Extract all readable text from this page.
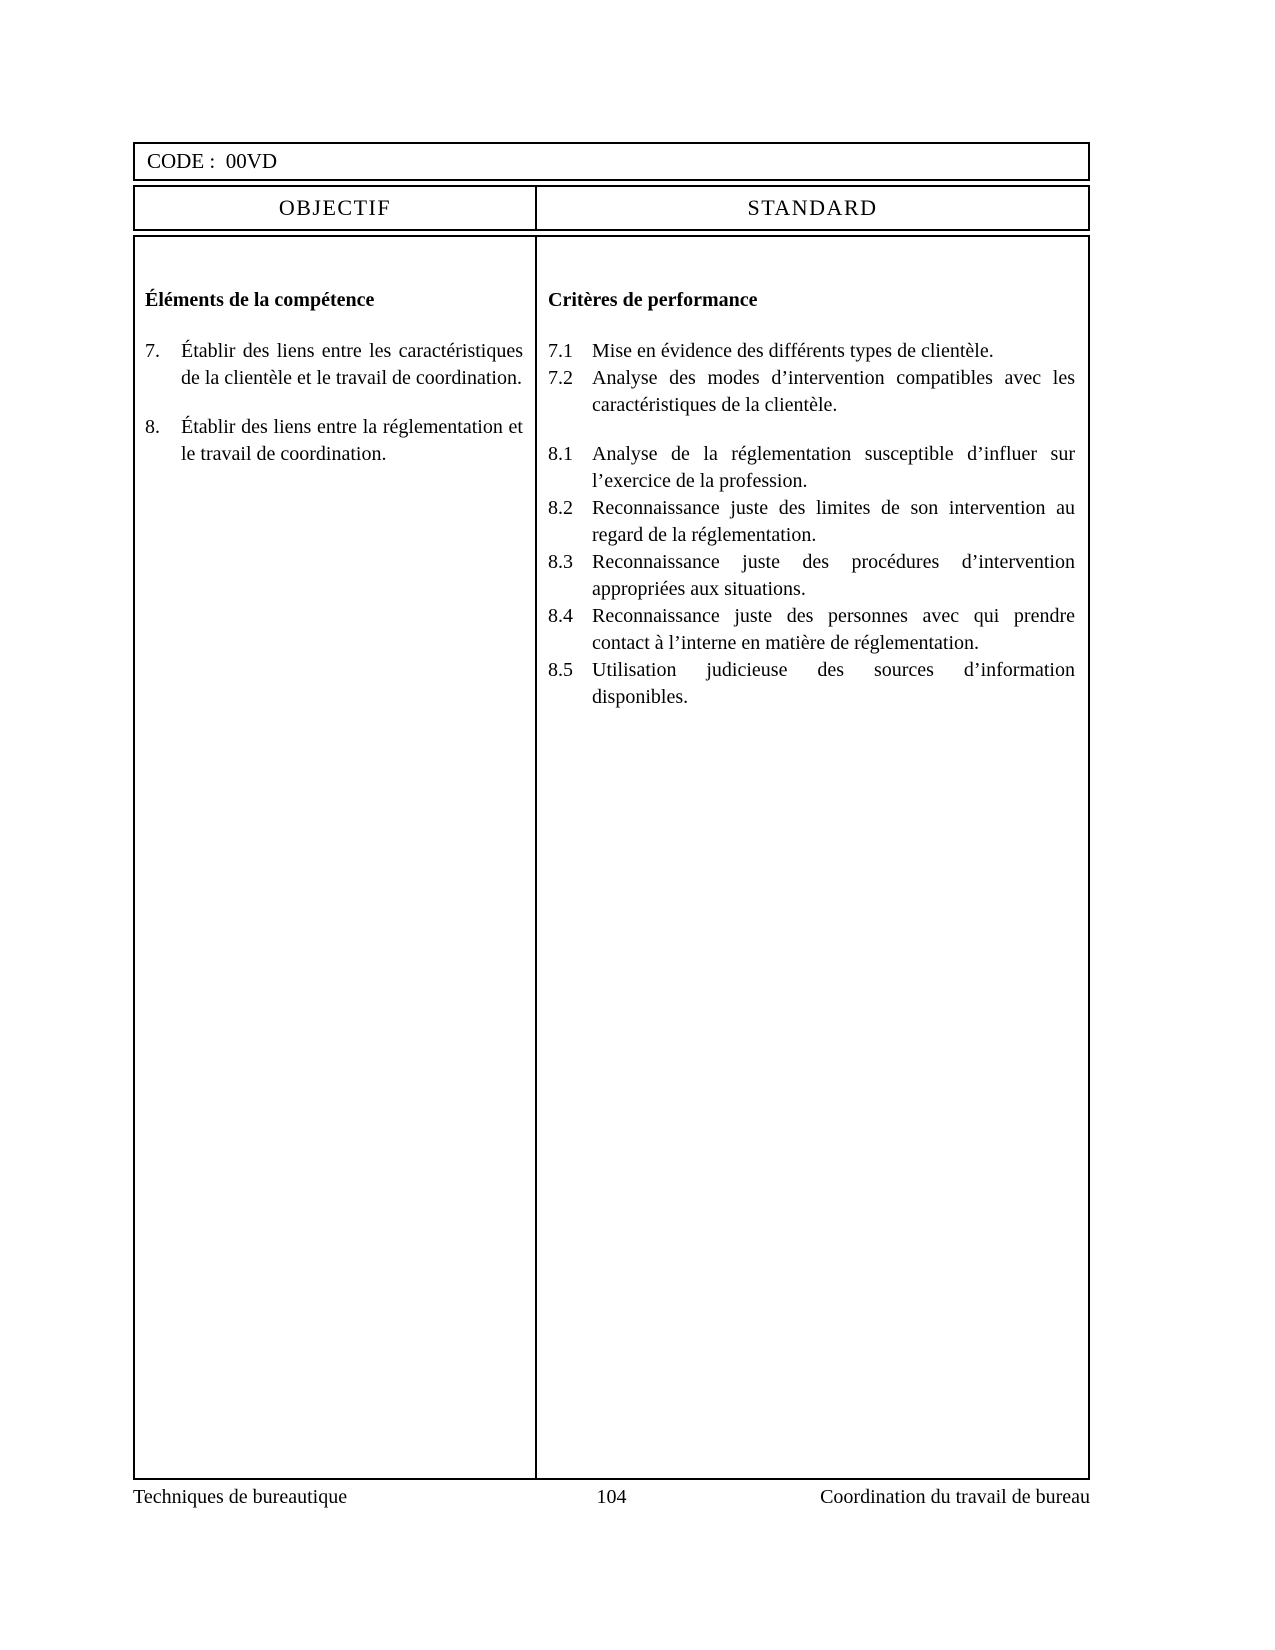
CODE :  00VD
OBJECTIF	STANDARD
Éléments de la compétence
7.	Établir des liens entre les caractéristiques de la clientèle et le travail de coordination.
8.	Établir des liens entre la réglementation et le travail de coordination.
Critères de performance
7.1 Mise en évidence des différents types de clientèle.
7.2 Analyse des modes d’intervention compatibles avec les caractéristiques de la clientèle.
8.1 Analyse de la réglementation susceptible d’influer sur l’exercice de la profession.
8.2 Reconnaissance juste des limites de son intervention au regard de la réglementation.
8.3 Reconnaissance juste des procédures d’intervention appropriées aux situations.
8.4 Reconnaissance juste des personnes avec qui prendre contact à l’interne en matière de réglementation.
8.5 Utilisation judicieuse des sources d’information disponibles.
Techniques de bureautique	104	Coordination du travail de bureau
